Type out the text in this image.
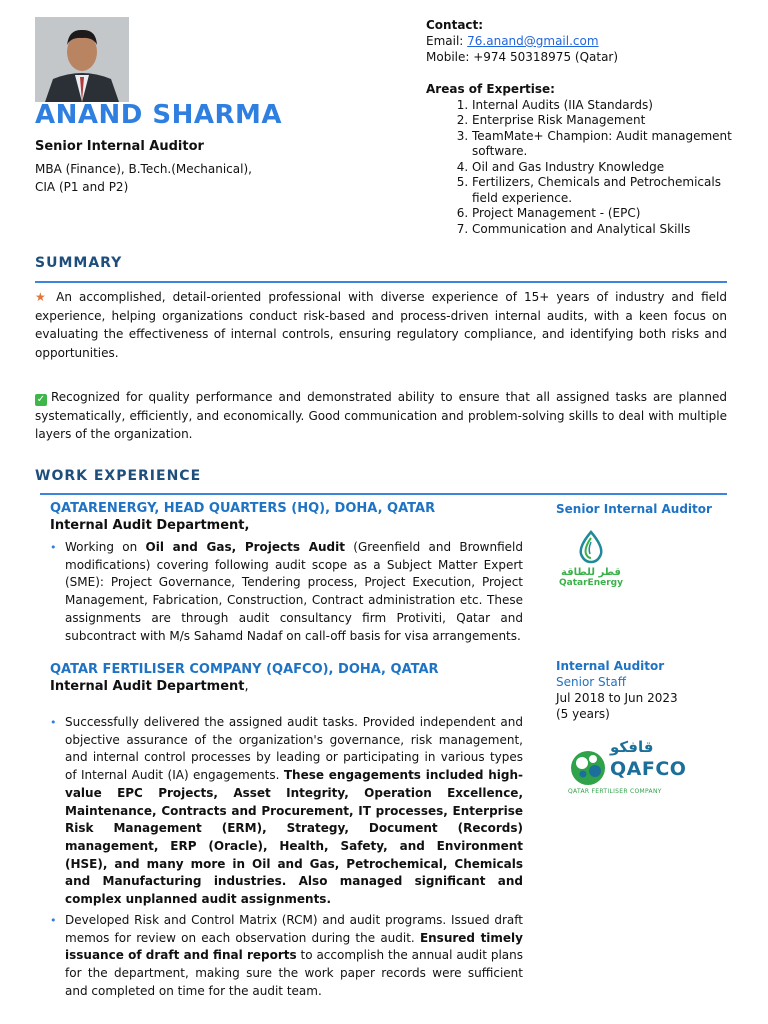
ANAND SHARMA
Senior Internal Auditor
MBA (Finance), B.Tech.(Mechanical),
CIA (P1 and P2)
Contact:
Email: 76.anand@gmail.com
Mobile: +974 50318975 (Qatar)
Areas of Expertise:
1. Internal Audits (IIA Standards)
2. Enterprise Risk Management
3. TeamMate+ Champion: Audit management software.
4. Oil and Gas Industry Knowledge
5. Fertilizers, Chemicals and Petrochemicals field experience.
6. Project Management - (EPC)
7. Communication and Analytical Skills
SUMMARY
★ An accomplished, detail-oriented professional with diverse experience of 15+ years of industry and field experience, helping organizations conduct risk-based and process-driven internal audits, with a keen focus on evaluating the effectiveness of internal controls, ensuring regulatory compliance, and identifying both risks and opportunities.
✓ Recognized for quality performance and demonstrated ability to ensure that all assigned tasks are planned systematically, efficiently, and economically. Good communication and problem-solving skills to deal with multiple layers of the organization.
WORK EXPERIENCE
QATARENERGY, HEAD QUARTERS (HQ), DOHA, QATAR
Internal Audit Department,
• Working on Oil and Gas, Projects Audit (Greenfield and Brownfield modifications) covering following audit scope as a Subject Matter Expert (SME): Project Governance, Tendering process, Project Execution, Project Management, Fabrication, Construction, Contract administration etc. These assignments are through audit consultancy firm Protiviti, Qatar and subcontract with M/s Sahamd Nadaf on call-off basis for visa arrangements.
Senior Internal Auditor
قطر للطاقة
QatarEnergy
QATAR FERTILISER COMPANY (QAFCO), DOHA, QATAR
Internal Audit Department,
• Successfully delivered the assigned audit tasks. Provided independent and objective assurance of the organization's governance, risk management, and internal control processes by leading or participating in various types of Internal Audit (IA) engagements. These engagements included high-value EPC Projects, Asset Integrity, Operation Excellence, Maintenance, Contracts and Procurement, IT processes, Enterprise Risk Management (ERM), Strategy, Document (Records) management, ERP (Oracle), Health, Safety, and Environment (HSE), and many more in Oil and Gas, Petrochemical, Chemicals and Manufacturing industries. Also managed significant and complex unplanned audit assignments.
• Developed Risk and Control Matrix (RCM) and audit programs. Issued draft memos for review on each observation during the audit. Ensured timely issuance of draft and final reports to accomplish the annual audit plans for the department, making sure the work paper records were sufficient and completed on time for the audit team.
Internal Auditor
Senior Staff
Jul 2018 to Jun 2023
(5 years)
قافكو
QAFCO
QATAR FERTILISER COMPANY
